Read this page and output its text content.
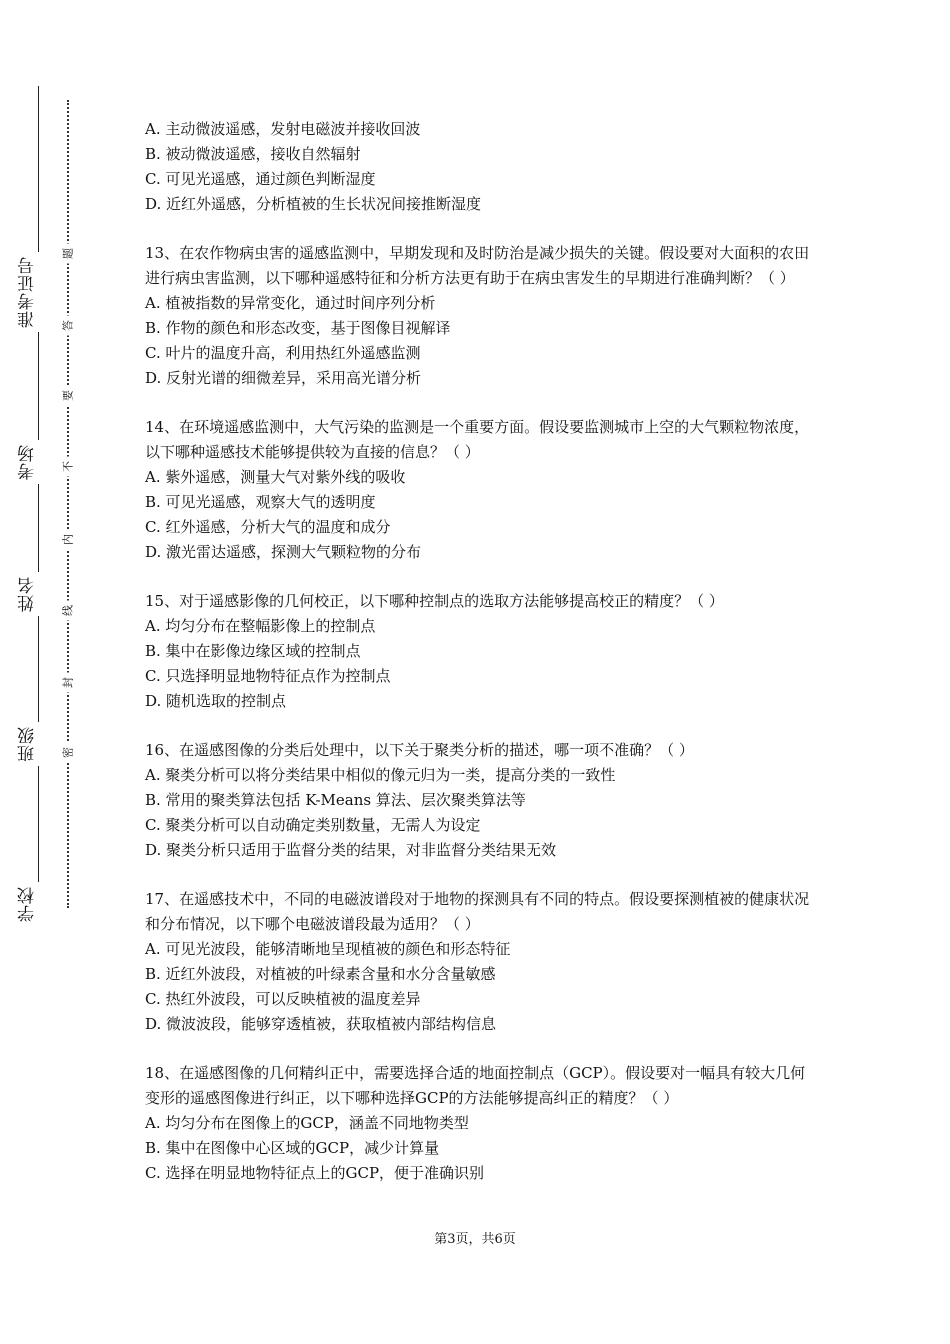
准考证号
考场
姓名
班级
学校
题
答
要
不
内
线
封
密

A. 主动微波遥感，发射电磁波并接收回波

B. 被动微波遥感，接收自然辐射

C. 可见光遥感，通过颜色判断湿度

D. 近红外遥感，分析植被的生长状况间接推断湿度

13、在农作物病虫害的遥感监测中，早期发现和及时防治是减少损失的关键。假设要对大面积的农田进行病虫害监测，以下哪种遥感特征和分析方法更有助于在病虫害发生的早期进行准确判断？（ ）

A. 植被指数的异常变化，通过时间序列分析

B. 作物的颜色和形态改变，基于图像目视解译

C. 叶片的温度升高，利用热红外遥感监测

D. 反射光谱的细微差异，采用高光谱分析

14、在环境遥感监测中，大气污染的监测是一个重要方面。假设要监测城市上空的大气颗粒物浓度，以下哪种遥感技术能够提供较为直接的信息？（ ）

A. 紫外遥感，测量大气对紫外线的吸收

B. 可见光遥感，观察大气的透明度

C. 红外遥感，分析大气的温度和成分

D. 激光雷达遥感，探测大气颗粒物的分布

15、对于遥感影像的几何校正，以下哪种控制点的选取方法能够提高校正的精度？（ ）

A. 均匀分布在整幅影像上的控制点

B. 集中在影像边缘区域的控制点

C. 只选择明显地物特征点作为控制点

D. 随机选取的控制点

16、在遥感图像的分类后处理中，以下关于聚类分析的描述，哪一项不准确？（ ）

A. 聚类分析可以将分类结果中相似的像元归为一类，提高分类的一致性

B. 常用的聚类算法包括 K-Means 算法、层次聚类算法等

C. 聚类分析可以自动确定类别数量，无需人为设定

D. 聚类分析只适用于监督分类的结果，对非监督分类结果无效

17、在遥感技术中，不同的电磁波谱段对于地物的探测具有不同的特点。假设要探测植被的健康状况和分布情况，以下哪个电磁波谱段最为适用？（ ）

A. 可见光波段，能够清晰地呈现植被的颜色和形态特征

B. 近红外波段，对植被的叶绿素含量和水分含量敏感

C. 热红外波段，可以反映植被的温度差异

D. 微波波段，能够穿透植被，获取植被内部结构信息

18、在遥感图像的几何精纠正中，需要选择合适的地面控制点（GCP）。假设要对一幅具有较大几何变形的遥感图像进行纠正，以下哪种选择GCP的方法能够提高纠正的精度？（ ）

A. 均匀分布在图像上的GCP，涵盖不同地物类型

B. 集中在图像中心区域的GCP，减少计算量

C. 选择在明显地物特征点上的GCP，便于准确识别

第3页，共6页
